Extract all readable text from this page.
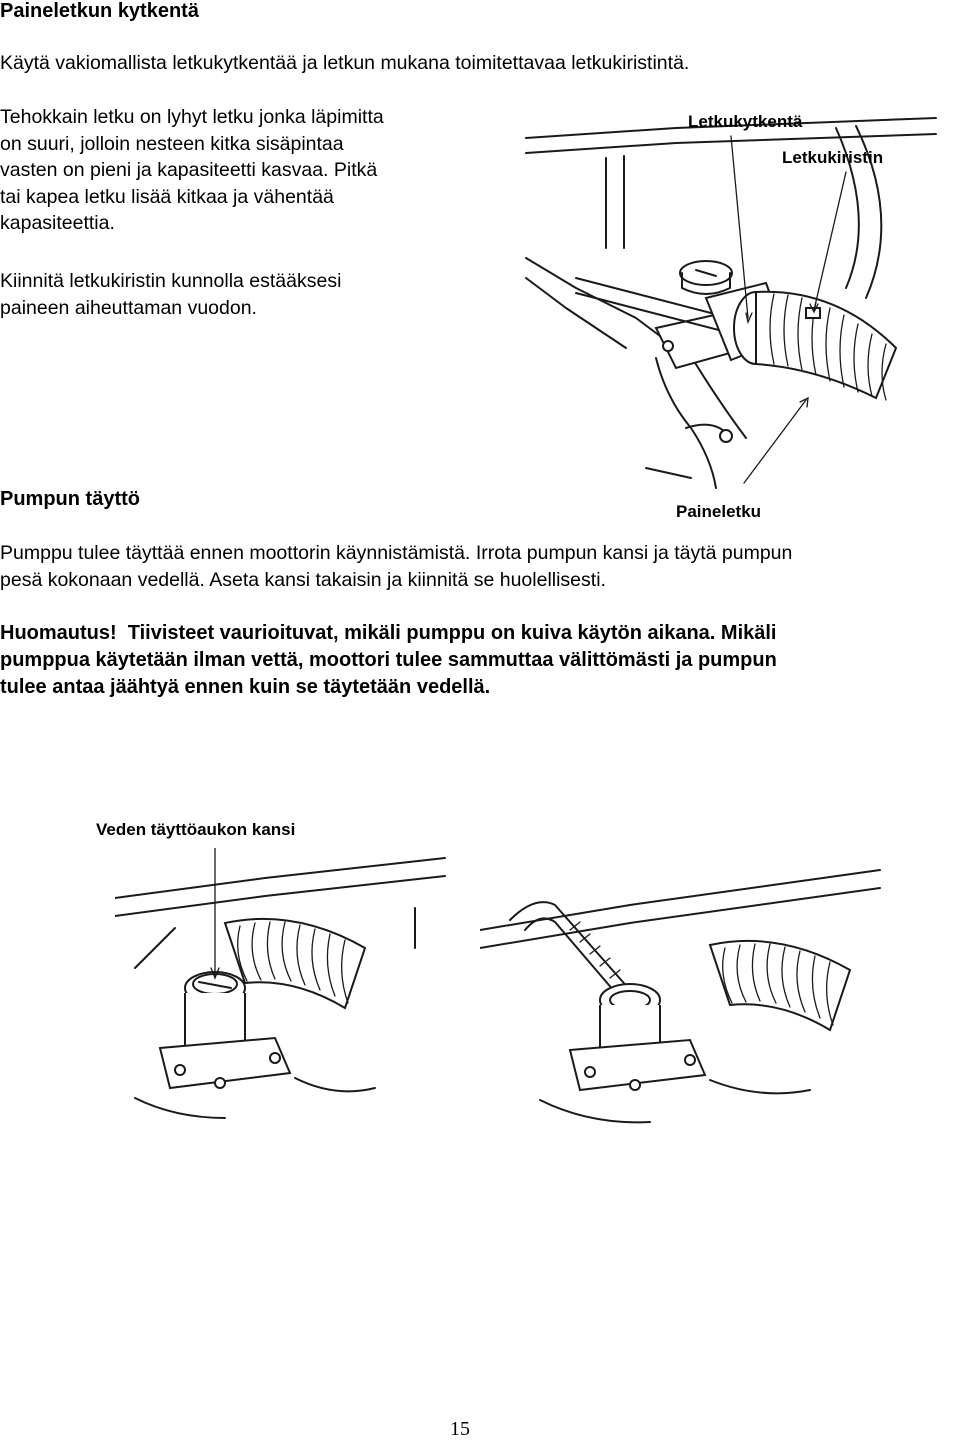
Paineletkun kytkentä
Käytä vakiomallista letkukytkentää ja letkun mukana toimitettavaa letkukiristintä.
Tehokkain letku on lyhyt letku jonka läpimitta
on suuri, jolloin nesteen kitka sisäpintaa
vasten on pieni ja kapasiteetti kasvaa. Pitkä
tai kapea letku lisää kitkaa ja vähentää
kapasiteettia.
Kiinnitä letkukiristin kunnolla estääksesi
paineen aiheuttaman vuodon.
Letkukytkentä
Letkukiristin
Paineletku
Pumpun täyttö
Pumppu tulee täyttää ennen moottorin käynnistämistä. Irrota pumpun kansi ja täytä pumpun
pesä kokonaan vedellä. Aseta kansi takaisin ja kiinnitä se huolellisesti.
Huomautus!  Tiivisteet vaurioituvat, mikäli pumppu on kuiva käytön aikana. Mikäli
pumppua käytetään ilman vettä, moottori tulee sammuttaa välittömästi ja pumpun
tulee antaa jäähtyä ennen kuin se täytetään vedellä.
Veden täyttöaukon kansi
15
